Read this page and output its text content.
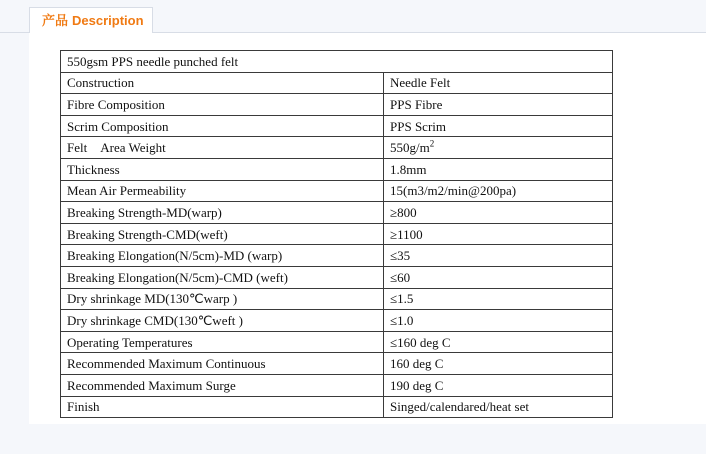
产品 Description
550gsm PPS needle punched felt	
Construction	Needle Felt
Fibre Composition	PPS Fibre
Scrim Composition	PPS Scrim
Felt    Area Weight	$550g/m^2$
Thickness	1.8mm
Mean Air Permeability	15(m3/m2/min@200pa)
Breaking Strength-MD(warp)	≥800
Breaking Strength-CMD(weft)	≥1100
Breaking Elongation(N/5cm)-MD (warp)	≤35
Breaking Elongation(N/5cm)-CMD (weft)	≤60
Dry shrinkage MD(130℃warp )	≤1.5
Dry shrinkage CMD(130℃weft )	≤1.0
Operating Temperatures	≤160 deg C
Recommended Maximum Continuous	160 deg C
Recommended Maximum Surge	190 deg C
Finish	Singed/calendared/heat set
